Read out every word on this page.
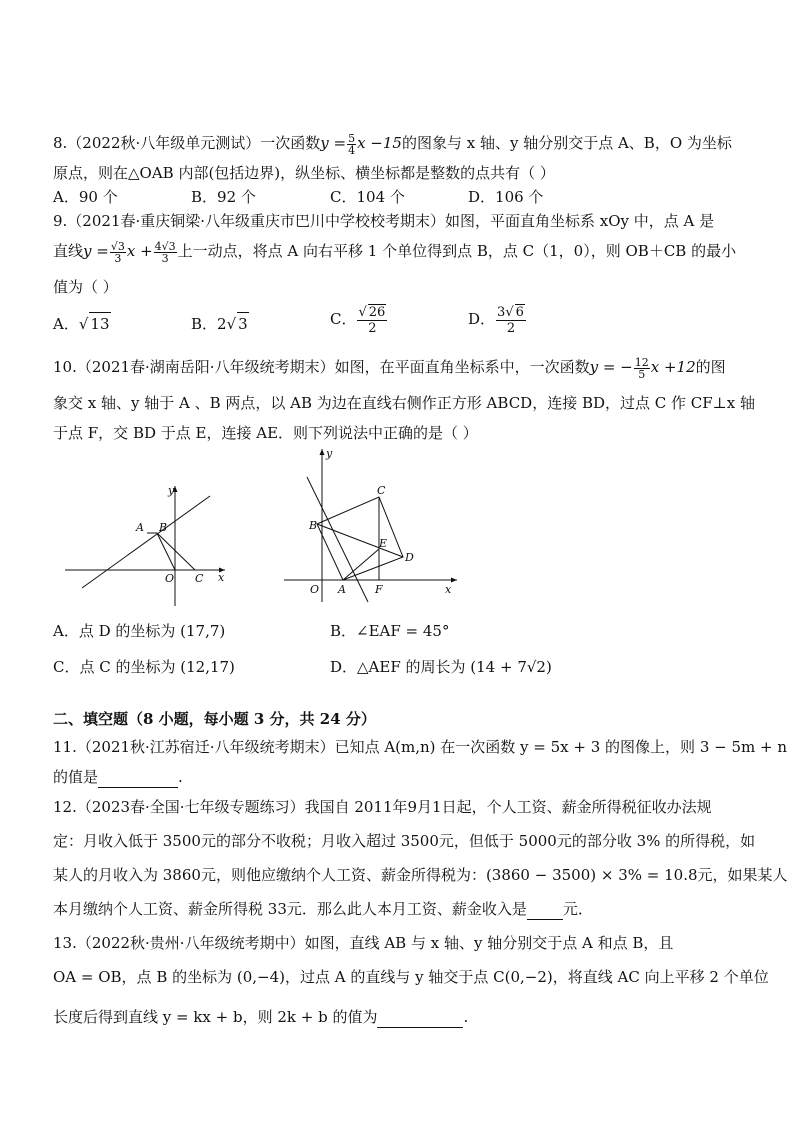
8.（2022秋·八年级单元测试）一次函数$y = \frac{5}{4}$ x −15的图象与 x 轴、y 轴分别交于点 A、B，O 为坐标
原点，则在△OAB 内部(包括边界)，纵坐标、横坐标都是整数的点共有（ ）
A．90 个	B．92 个	C．104 个	D．106 个
9.（2021春·重庆铜梁·八年级重庆市巴川中学校校考期末）如图，平面直角坐标系 xOy 中，点 A 是
直线$y = \frac{√3}{3}$ $x + \frac{4√3}{3}$ 上一动点，将点 A 向右平移 1 个单位得到点 B，点 C（1，0），则 OB＋CB 的最小
值为（ ）
A．√ 13	B．2√ 3	C． $\frac{√ 26}{2}$	D． $\frac{3√ 6}{2}$
10.（2021春·湖南岳阳·八年级统考期末）如图，在平面直角坐标系中，一次函数y = − $\frac{12}{5}$ x +12的图
象交 x 轴、y 轴于 A 、B 两点，以 AB 为边在直线右侧作正方形 ABCD，连接 BD，过点 C 作 CF⊥x 轴
于点 F，交 BD 于点 E，连接 AE．则下列说法中正确的是（ ）
y
x
A B
O C
y
x
B
C
E
D
O A	F
A．点 D 的坐标为 (17,7)	B．∠EAF = 45°
C．点 C 的坐标为 (12,17)	D．△AEF 的周长为 (14 + 7√2)
二、填空题（8 小题，每小题 3 分，共 24 分）
11.（2021秋·江苏宿迁·八年级统考期末）已知点 A(m,n) 在一次函数 y = 5x + 3 的图像上，则 3 − 5m + n
的值是	.
12.（2023春·全国·七年级专题练习）我国自 2011年9月1日起，个人工资、薪金所得税征收办法规
定：月收入低于 3500元的部分不收税；月收入超过 3500元，但低于 5000元的部分收 3% 的所得税，如
某人的月收入为 3860元，则他应缴纳个人工资、薪金所得税为：(3860 − 3500) × 3% = 10.8元，如果某人
本月缴纳个人工资、薪金所得税 33元．那么此人本月工资、薪金收入是 元．
13.（2022秋·贵州·八年级统考期中）如图，直线 AB 与 x 轴、y 轴分别交于点 A 和点 B，且
OA = OB，点 B 的坐标为 (0,−4)，过点 A 的直线与 y 轴交于点 C(0,−2)，将直线 AC 向上平移 2 个单位
长度后得到直线 y = kx + b，则 2k + b 的值为	.
